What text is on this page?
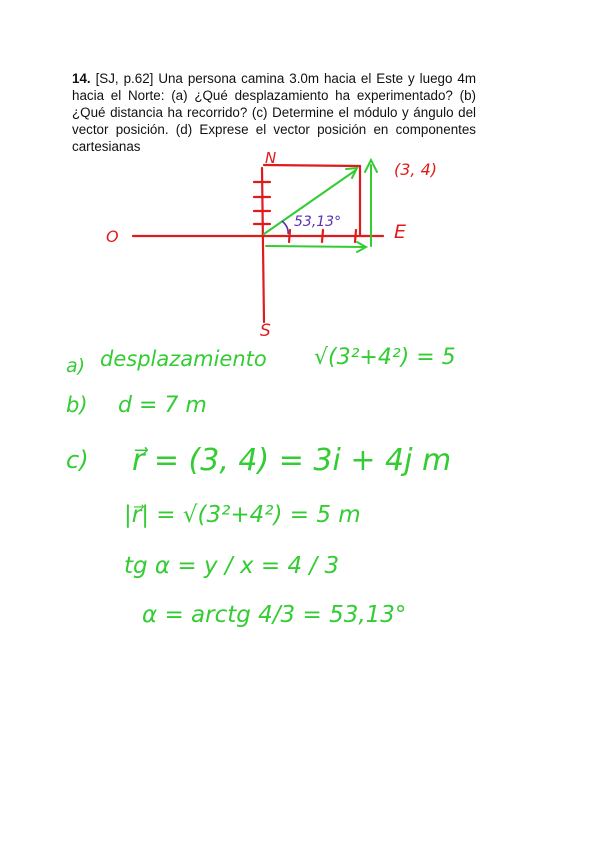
14. [SJ, p.62] Una persona camina 3.0m hacia el Este y luego 4m hacia el Norte: (a) ¿Qué desplazamiento ha experimentado? (b) ¿Qué distancia ha recorrido? (c) Determine el módulo y ángulo del vector posición. (d) Exprese el vector posición en componentes cartesianas
N
S
E
O
53,13°
(3, 4)
a) desplazamiento √(3²+4²) = 5
b) d = 7 m
c) r⃗ = (3, 4) = 3i + 4j m
|r⃗| = √(3²+4²) = 5 m
tg α = y / x = 4 / 3
α = arctg 4/3 = 53,13°
